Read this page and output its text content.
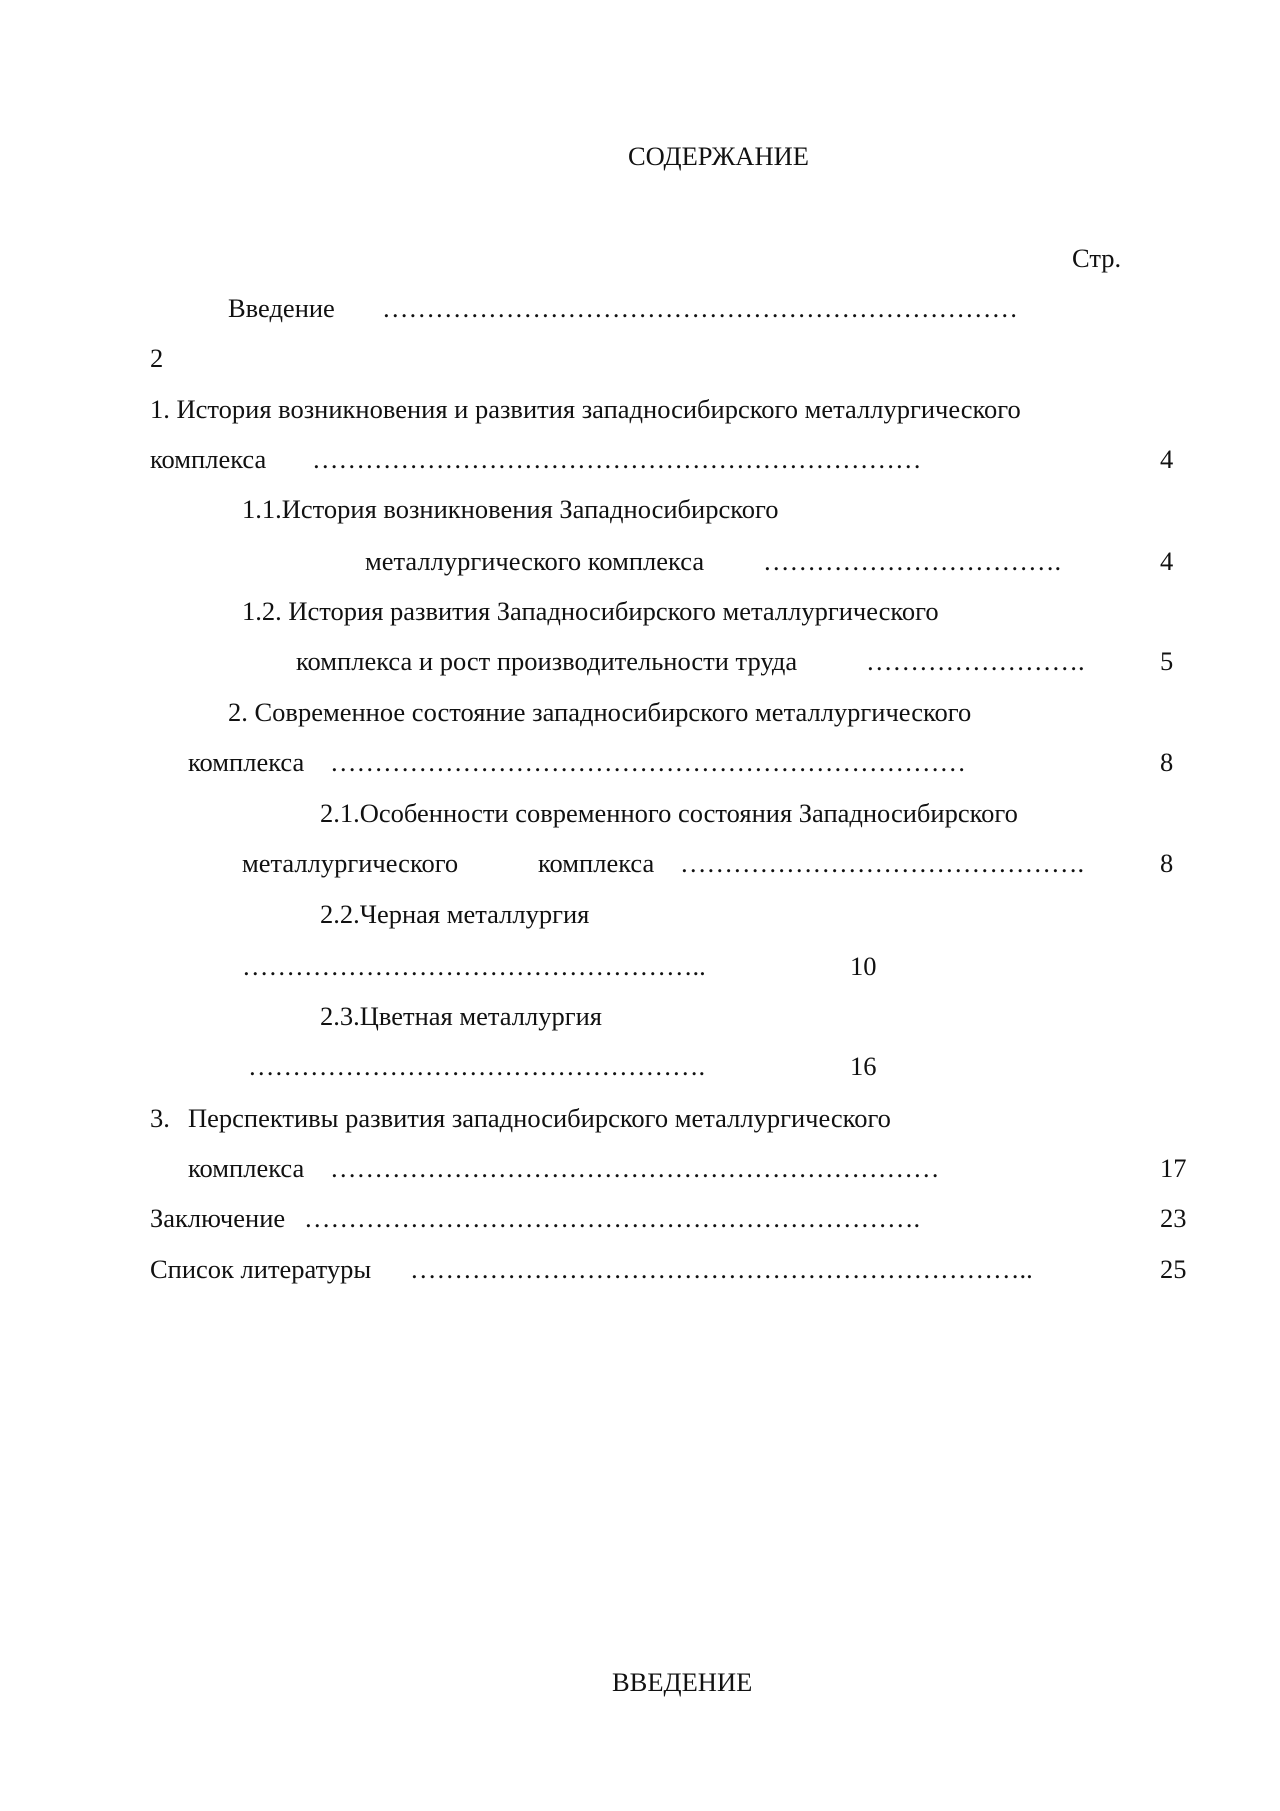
СОДЕРЖАНИЕ
Стр.
Введение ………………………………………………………………
2
1. История возникновения и развития западносибирского металлургического
комплекса ……………………………………………………………	4
1.1.История возникновения Западносибирского
металлургического комплекса …………………………….	4
1.2. История развития Западносибирского металлургического
комплекса и рост производительности труда	…………………….	5
2. Современное состояние западносибирского металлургического
комплекса ………………………………………………………………	8
2.1.Особенности современного состояния Западносибирского
металлургического	комплекса ……………………………………….	8
2.2.Черная металлургия
……………………………………………..	10
2.3.Цветная металлургия
…………………………………………….	16
3. Перспективы развития западносибирского металлургического
комплекса ……………………………………………………………	17
Заключение …………………………………………………………….	23
Список литературы ……………………………………………………………..	25
ВВЕДЕНИЕ
